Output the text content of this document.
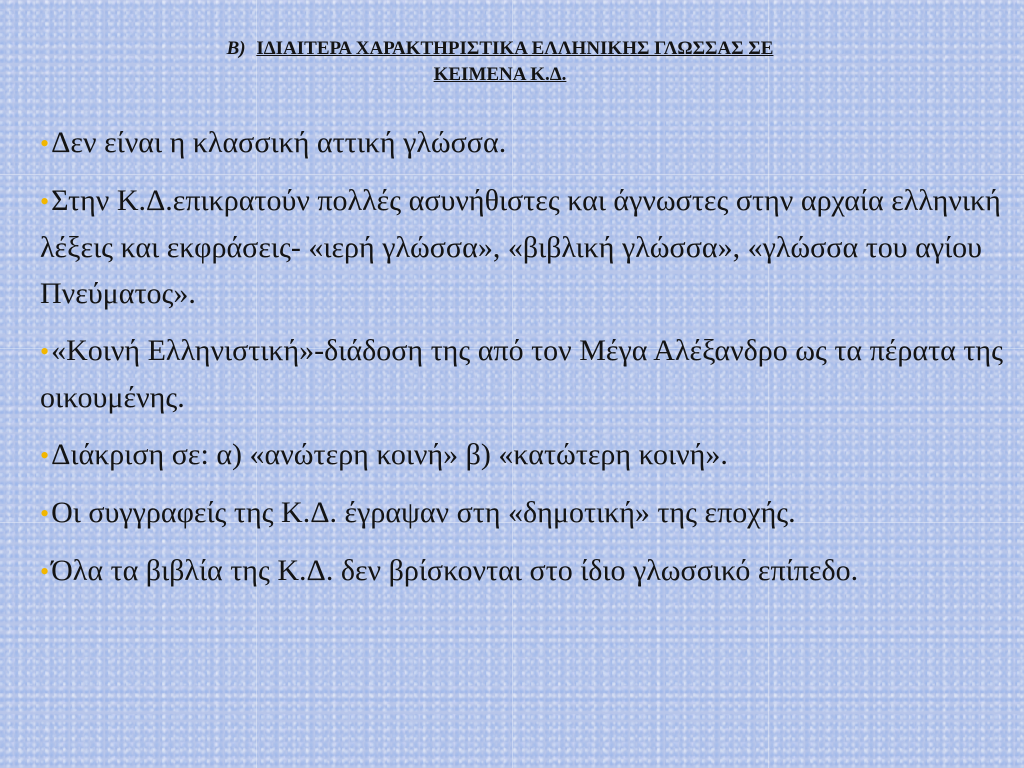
Β) ΙΔΙΑΙΤΕΡΑ ΧΑΡΑΚΤΗΡΙΣΤΙΚΑ ΕΛΛΗΝΙΚΗΣ ΓΛΩΣΣΑΣ ΣΕ
ΚΕΙΜΕΝΑ Κ.Δ.
•Δεν είναι η κλασσική αττική γλώσσα.
•Στην Κ.Δ.επικρατούν πολλές ασυνήθιστες και άγνωστες στην αρχαία ελληνική λέξεις και εκφράσεις- «ιερή γλώσσα», «βιβλική γλώσσα», «γλώσσα του αγίου Πνεύματος».
•«Κοινή Ελληνιστική»-διάδοση της από τον Μέγα Αλέξανδρο ως τα πέρατα της οικουμένης.
•Διάκριση σε: α) «ανώτερη κοινή» β) «κατώτερη κοινή».
•Οι συγγραφείς της Κ.Δ. έγραψαν στη «δημοτική» της εποχής.
•Όλα τα βιβλία της Κ.Δ. δεν βρίσκονται στο ίδιο γλωσσικό επίπεδο.
